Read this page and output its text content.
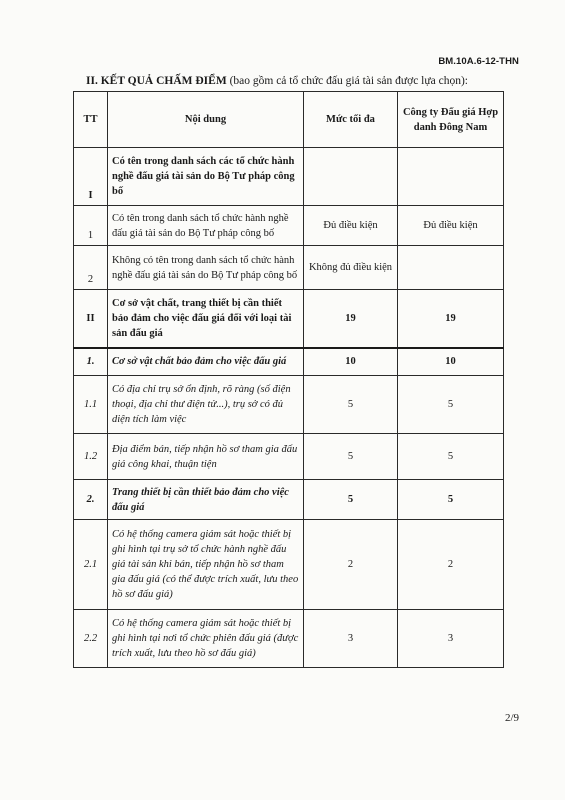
BM.10A.6-12-THN
II. KẾT QUẢ CHẤM ĐIỂM (bao gồm cả tổ chức đấu giá tài sản được lựa chọn):
TT	Nội dung	Mức tối đa	Công ty Đấu giá Hợp danh Đông Nam
I	Có tên trong danh sách các tổ chức hành nghề đấu giá tài sản do Bộ Tư pháp công bố		
1	Có tên trong danh sách tổ chức hành nghề đấu giá tài sản do Bộ Tư pháp công bố	Đủ điều kiện	Đủ điều kiện
2	Không có tên trong danh sách tổ chức hành nghề đấu giá tài sản do Bộ Tư pháp công bố	Không đủ điều kiện	
II	Cơ sở vật chất, trang thiết bị cần thiết bảo đảm cho việc đấu giá đối với loại tài sản đấu giá	19	19
1.	Cơ sở vật chất bảo đảm cho việc đấu giá	10	10
1.1	Có địa chỉ trụ sở ổn định, rõ ràng (số điện thoại, địa chỉ thư điện tử...), trụ sở có đủ diện tích làm việc	5	5
1.2	Địa điểm bán, tiếp nhận hồ sơ tham gia đấu giá công khai, thuận tiện	5	5
2.	Trang thiết bị cần thiết bảo đảm cho việc đấu giá	5	5
2.1	Có hệ thống camera giám sát hoặc thiết bị ghi hình tại trụ sở tổ chức hành nghề đấu giá tài sản khi bán, tiếp nhận hồ sơ tham gia đấu giá (có thể được trích xuất, lưu theo hồ sơ đấu giá)	2	2
2.2	Có hệ thống camera giám sát hoặc thiết bị ghi hình tại nơi tổ chức phiên đấu giá (được trích xuất, lưu theo hồ sơ đấu giá)	3	3
2/9
